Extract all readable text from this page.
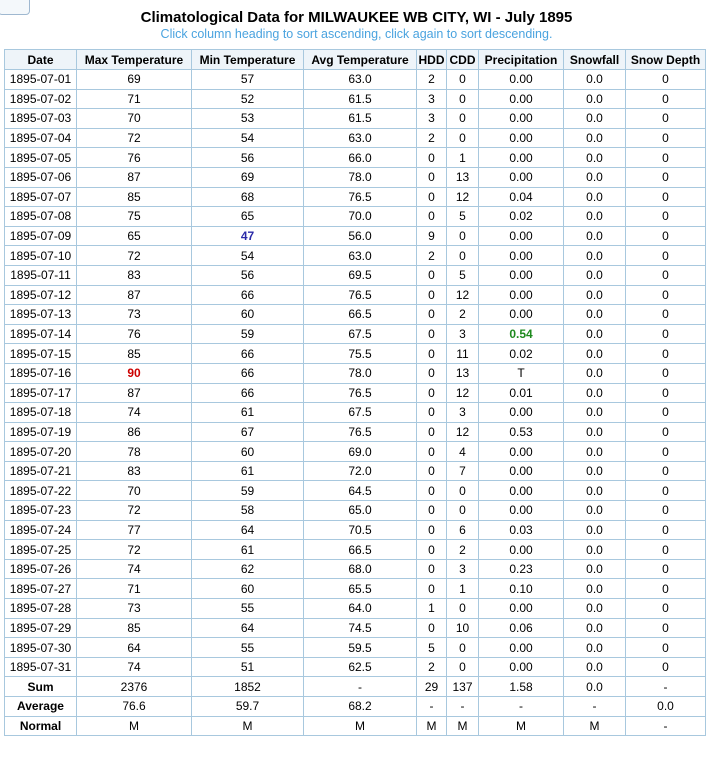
Climatological Data for MILWAUKEE WB CITY, WI - July 1895
Click column heading to sort ascending, click again to sort descending.
Date	Max Temperature	Min Temperature	Avg Temperature	HDD	CDD	Precipitation	Snowfall	Snow Depth
1895-07-01	69	57	63.0	2	0	0.00	0.0	0
1895-07-02	71	52	61.5	3	0	0.00	0.0	0
1895-07-03	70	53	61.5	3	0	0.00	0.0	0
1895-07-04	72	54	63.0	2	0	0.00	0.0	0
1895-07-05	76	56	66.0	0	1	0.00	0.0	0
1895-07-06	87	69	78.0	0	13	0.00	0.0	0
1895-07-07	85	68	76.5	0	12	0.04	0.0	0
1895-07-08	75	65	70.0	0	5	0.02	0.0	0
1895-07-09	65	47	56.0	9	0	0.00	0.0	0
1895-07-10	72	54	63.0	2	0	0.00	0.0	0
1895-07-11	83	56	69.5	0	5	0.00	0.0	0
1895-07-12	87	66	76.5	0	12	0.00	0.0	0
1895-07-13	73	60	66.5	0	2	0.00	0.0	0
1895-07-14	76	59	67.5	0	3	0.54	0.0	0
1895-07-15	85	66	75.5	0	11	0.02	0.0	0
1895-07-16	90	66	78.0	0	13	T	0.0	0
1895-07-17	87	66	76.5	0	12	0.01	0.0	0
1895-07-18	74	61	67.5	0	3	0.00	0.0	0
1895-07-19	86	67	76.5	0	12	0.53	0.0	0
1895-07-20	78	60	69.0	0	4	0.00	0.0	0
1895-07-21	83	61	72.0	0	7	0.00	0.0	0
1895-07-22	70	59	64.5	0	0	0.00	0.0	0
1895-07-23	72	58	65.0	0	0	0.00	0.0	0
1895-07-24	77	64	70.5	0	6	0.03	0.0	0
1895-07-25	72	61	66.5	0	2	0.00	0.0	0
1895-07-26	74	62	68.0	0	3	0.23	0.0	0
1895-07-27	71	60	65.5	0	1	0.10	0.0	0
1895-07-28	73	55	64.0	1	0	0.00	0.0	0
1895-07-29	85	64	74.5	0	10	0.06	0.0	0
1895-07-30	64	55	59.5	5	0	0.00	0.0	0
1895-07-31	74	51	62.5	2	0	0.00	0.0	0
Sum	2376	1852	-	29	137	1.58	0.0	-
Average	76.6	59.7	68.2	-	-	-	-	0.0
Normal	M	M	M	M	M	M	M	-
